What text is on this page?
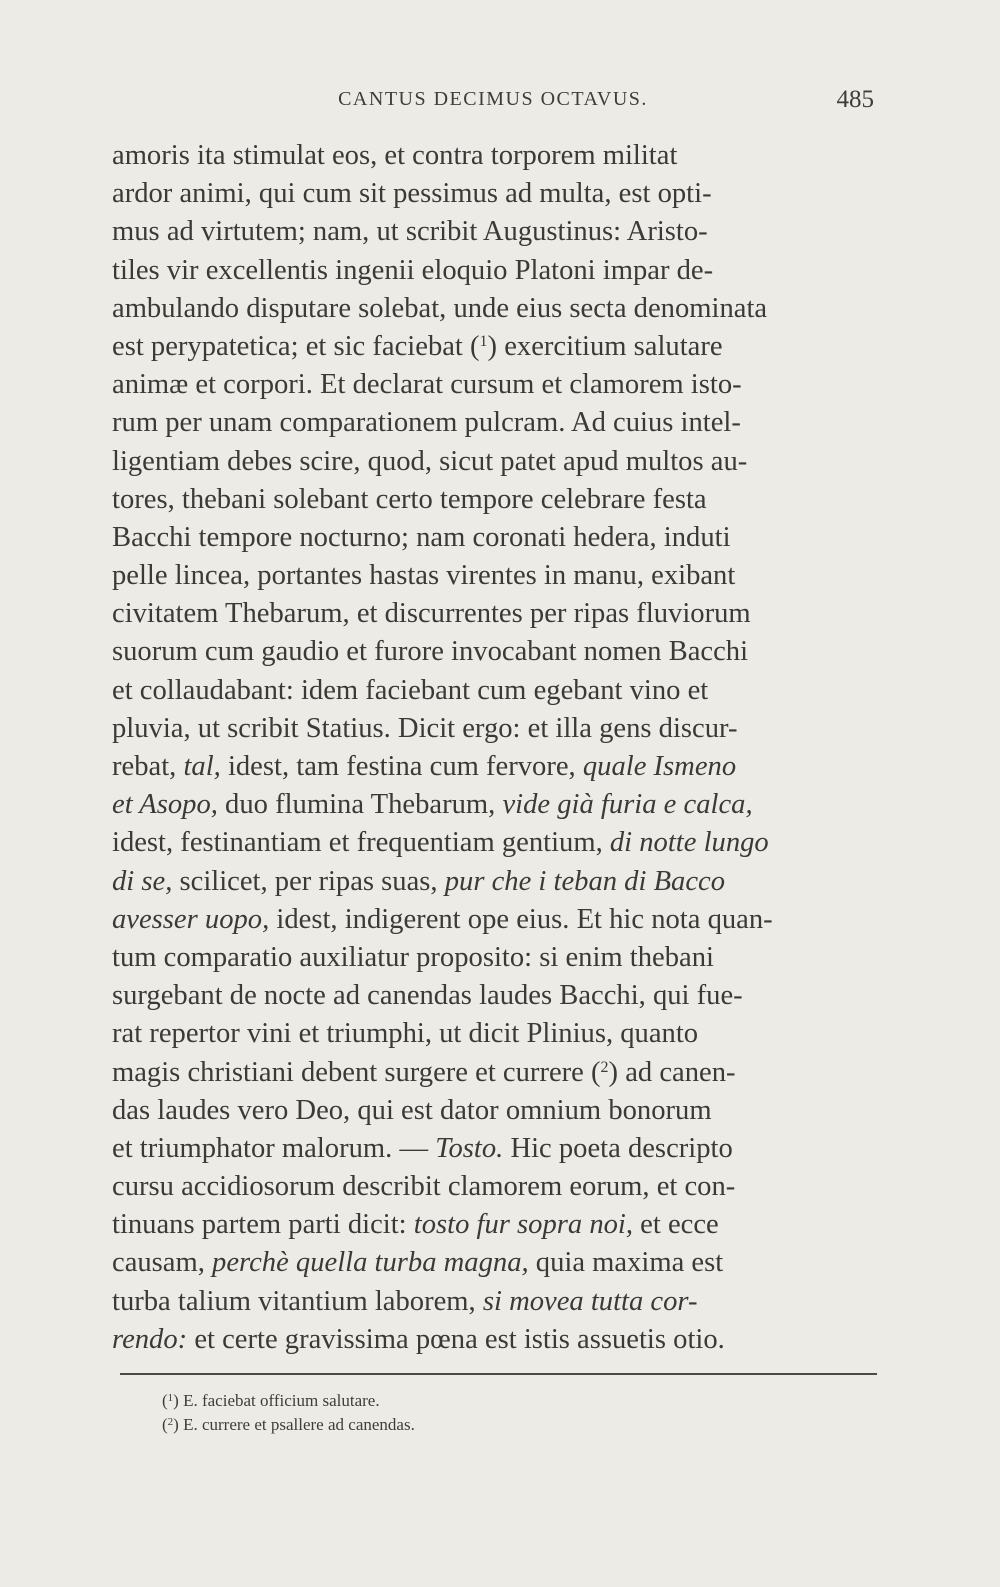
CANTUS DECIMUS OCTAVUS.	485
amoris ita stimulat eos, et contra torporem militat
ardor animi, qui cum sit pessimus ad multa, est opti-
mus ad virtutem; nam, ut scribit Augustinus: Aristo-
tiles vir excellentis ingenii eloquio Platoni impar de-
ambulando disputare solebat, unde eius secta denominata
est perypatetica; et sic faciebat ($^1$) exercitium salutare
animæ et corpori. Et declarat cursum et clamorem isto-
rum per unam comparationem pulcram. Ad cuius intel-
ligentiam debes scire, quod, sicut patet apud multos au-
tores, thebani solebant certo tempore celebrare festa
Bacchi tempore nocturno; nam coronati hedera, induti
pelle lincea, portantes hastas virentes in manu, exibant
civitatem Thebarum, et discurrentes per ripas fluviorum
suorum cum gaudio et furore invocabant nomen Bacchi
et collaudabant: idem faciebant cum egebant vino et
pluvia, ut scribit Statius. Dicit ergo: et illa gens discur-
rebat, tal, idest, tam festina cum fervore, quale Ismeno
et Asopo, duo flumina Thebarum, vide già furia e calca,
idest, festinantiam et frequentiam gentium, di notte lungo
di se, scilicet, per ripas suas, pur che i teban di Bacco
avesser uopo, idest, indigerent ope eius. Et hic nota quan-
tum comparatio auxiliatur proposito: si enim thebani
surgebant de nocte ad canendas laudes Bacchi, qui fue-
rat repertor vini et triumphi, ut dicit Plinius, quanto
magis christiani debent surgere et currere ($^2$) ad canen-
das laudes vero Deo, qui est dator omnium bonorum
et triumphator malorum. — Tosto. Hic poeta descripto
cursu accidiosorum describit clamorem eorum, et con-
tinuans partem parti dicit: tosto fur sopra noi, et ecce
causam, perchè quella turba magna, quia maxima est
turba talium vitantium laborem, si movea tutta cor-
rendo: et certe gravissima pœna est istis assuetis otio.
($^1$) E. faciebat officium salutare.
($^2$) E. currere et psallere ad canendas.
